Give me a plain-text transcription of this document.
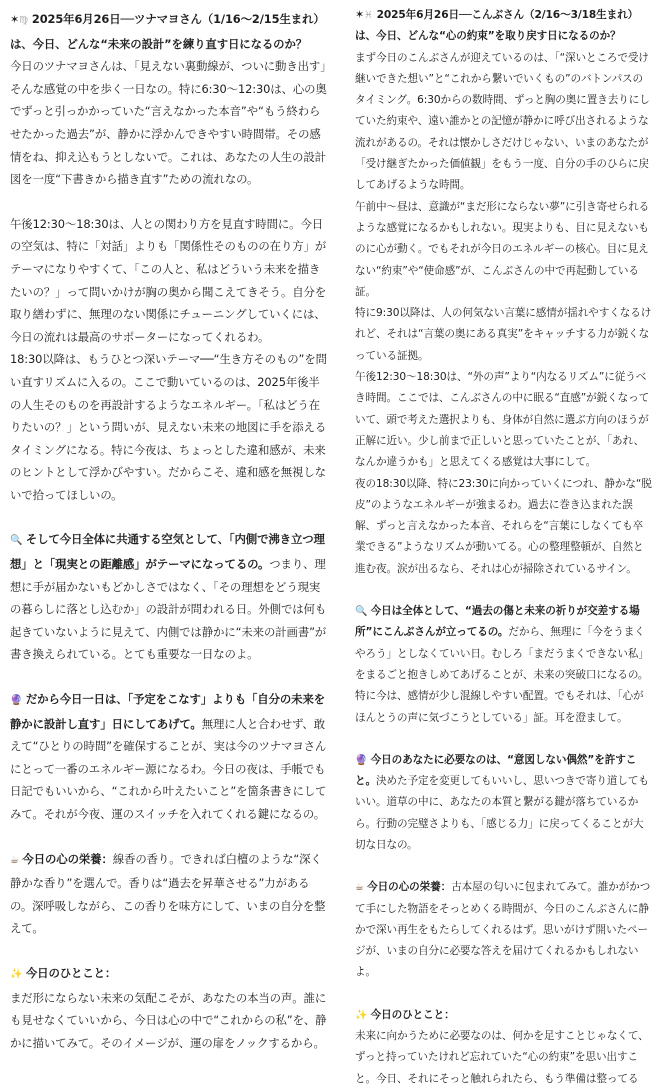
✶♍ 2025年6月26日──ツナマヨさん（1/16〜2/15生まれ）

は、今日、どんな“未来の設計”を練り直す日になるのか？

今日のツナマヨさんは、「見えない裏動線が、ついに動き出す」そんな感覚の中を歩く一日なの。特に6:30〜12:30は、心の奥でずっと引っかかっていた“言えなかった本音”や“もう終わらせたかった過去”が、静かに浮かんできやすい時間帯。その感情をね、抑え込もうとしないで。これは、あなたの人生の設計図を一度“下書きから描き直す”ための流れなの。

午後12:30〜18:30は、人との関わり方を見直す時間に。今日の空気は、特に「対話」よりも「関係性そのものの在り方」がテーマになりやすくて、「この人と、私はどういう未来を描きたいの？」って問いかけが胸の奥から聞こえてきそう。自分を取り繕わずに、無理のない関係にチューニングしていくには、今日の流れは最高のサポーターになってくれるわ。

18:30以降は、もうひとつ深いテーマ──“生き方そのもの”を問い直すリズムに入るの。ここで動いているのは、2025年後半の人生そのものを再設計するようなエネルギー。「私はどう在りたいの？」という問いが、見えない未来の地図に手を添えるタイミングになる。特に今夜は、ちょっとした違和感が、未来のヒントとして浮かびやすい。だからこそ、違和感を無視しないで拾ってほしいの。

🔍 そして今日全体に共通する空気として、「内側で沸き立つ理想」と「現実との距離感」がテーマになってるの。つまり、理想に手が届かないもどかしさではなく、「その理想をどう現実の暮らしに落とし込むか」の設計が問われる日。外側では何も起きていないように見えて、内側では静かに“未来の計画書”が書き換えられている。とても重要な一日なのよ。

🔮 だから今日一日は、「予定をこなす」よりも「自分の未来を静かに設計し直す」日にしてあげて。無理に人と合わせず、敢えて“ひとりの時間”を確保することが、実は今のツナマヨさんにとって一番のエネルギー源になるわ。今日の夜は、手帳でも日記でもいいから、“これから叶えたいこと”を箇条書きにしてみて。それが今夜、運のスイッチを入れてくれる鍵になるの。

☕ 今日の心の栄養：線香の香り。できれば白檀のような“深く静かな香り”を選んで。香りは“過去を昇華させる”力があるの。深呼吸しながら、この香りを味方にして、いまの自分を整えて。

✨ 今日のひとこと：

まだ形にならない未来の気配こそが、あなたの本当の声。誰にも見せなくていいから、今日は心の中で“これからの私”を、静かに描いてみて。そのイメージが、運の扉をノックするから。

✶♓ 2025年6月26日──こんぶさん（2/16〜3/18生まれ）

は、今日、どんな“心の約束”を取り戻す日になるのか？

まず今日のこんぶさんが迎えているのは、「“深いところで受け継いできた想い”と“これから繋いでいくもの”のバトンパスのタイミング。6:30からの数時間、ずっと胸の奥に置き去りにしていた約束や、遠い誰かとの記憶が静かに呼び出されるような流れがあるの。それは懐かしさだけじゃない、いまのあなたが「受け継ぎたかった価値観」をもう一度、自分の手のひらに戻してあげるような時間。

午前中〜昼は、意識が“まだ形にならない夢”に引き寄せられるような感覚になるかもしれない。現実よりも、目に見えないものに心が動く。でもそれが今日のエネルギーの核心。目に見えない“約束”や“使命感”が、こんぶさんの中で再起動している証。

特に9:30以降は、人の何気ない言葉に感情が揺れやすくなるけれど、それは“言葉の奥にある真実”をキャッチする力が鋭くなっている証拠。

午後12:30〜18:30は、“外の声”より“内なるリズム”に従うべき時間。ここでは、こんぶさんの中に眠る“直感”が鋭くなっていて、頭で考えた選択よりも、身体が自然に選ぶ方向のほうが正解に近い。少し前まで正しいと思っていたことが、「あれ、なんか違うかも」と思えてくる感覚は大事にして。

夜の18:30以降、特に23:30に向かっていくにつれ、静かな“脱皮”のようなエネルギーが強まるわ。過去に巻き込まれた誤解、ずっと言えなかった本音、それらを“言葉にしなくても卒業できる”ようなリズムが動いてる。心の整理整頓が、自然と進む夜。涙が出るなら、それは心が掃除されているサイン。

🔍 今日は全体として、“過去の傷と未来の祈りが交差する場所”にこんぶさんが立ってるの。だから、無理に「今をうまくやろう」としなくていい日。むしろ「まだうまくできない私」をまるごと抱きしめてあげることが、未来の突破口になるの。特に今は、感情が少し混線しやすい配置。でもそれは、「心がほんとうの声に気づこうとしている」証。耳を澄まして。

🔮 今日のあなたに必要なのは、“意図しない偶然”を許すこと。決めた予定を変更してもいいし、思いつきで寄り道してもいい。道草の中に、あなたの本質と繋がる鍵が落ちているから。行動の完璧さよりも、「感じる力」に戻ってくることが大切な日なの。

☕ 今日の心の栄養：古本屋の匂いに包まれてみて。誰かがかつて手にした物語をそっとめくる時間が、今日のこんぶさんに静かで深い再生をもたらしてくれるはず。思いがけず開いたページが、いまの自分に必要な答えを届けてくれるかもしれないよ。

✨ 今日のひとこと：

未来に向かうために必要なのは、何かを足すことじゃなくて、ずっと持っていたけれど忘れていた“心の約束”を思い出すこと。今日、それにそっと触れられたら、もう準備は整ってる
